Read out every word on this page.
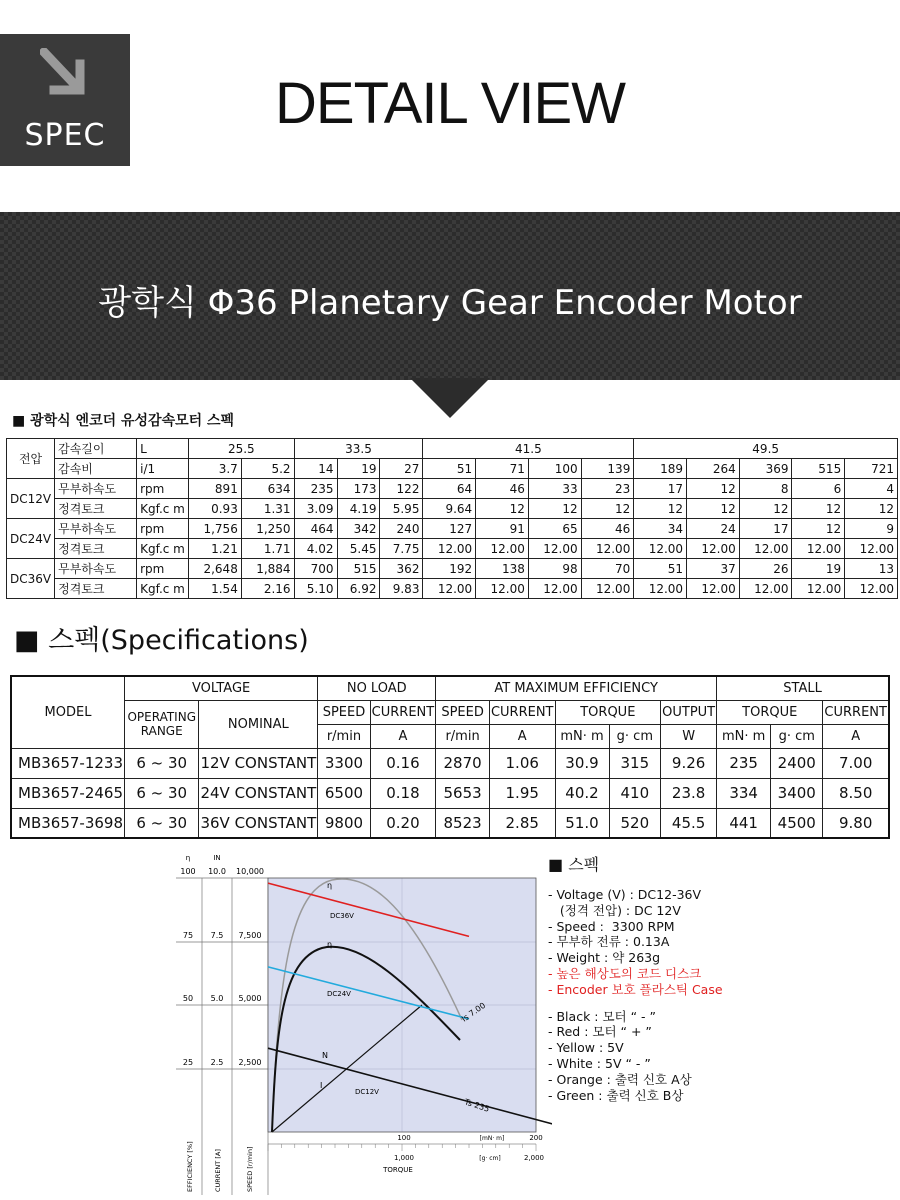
SPEC	DETAIL VIEW
광학식 Φ36 Planetary Gear Encoder Motor
■ 광학식 엔코더 유성감속모터 스펙
전압	감속길이	L	25.5		33.5			41.5				49.5				
	감속비	i/1	3.7	5.2	14	19	27	51	71	100	139	189	264	369	515	721
DC12V	무부하속도	rpm	891	634	235	173	122	64	46	33	23	17	12	8	6	4
	정격토크	Kgf.c m	0.93	1.31	3.09	4.19	5.95	9.64	12	12	12	12	12	12	12	12
DC24V	무부하속도	rpm	1,756	1,250	464	342	240	127	91	65	46	34	24	17	12	9
	정격토크	Kgf.c m	1.21	1.71	4.02	5.45	7.75	12.00	12.00	12.00	12.00	12.00	12.00	12.00	12.00	12.00
DC36V	무부하속도	rpm	2,648	1,884	700	515	362	192	138	98	70	51	37	26	19	13
	정격토크	Kgf.c m	1.54	2.16	5.10	6.92	9.83	12.00	12.00	12.00	12.00	12.00	12.00	12.00	12.00	12.00
■ 스펙(Specifications)
MODEL	VOLTAGE		NO LOAD		AT MAXIMUM EFFICIENCY					STALL		
	OPERATING RANGE	NOMINAL	SPEED	CURRENT	SPEED	CURRENT	TORQUE		OUTPUT	TORQUE		CURRENT
			r/min	A	r/min	A	mN· m	g· cm	W	mN· m	g· cm	A
MB3657-1233	6 ~ 30	12V CONSTANT	3300	0.16	2870	1.06	30.9	315	9.26	235	2400	7.00
MB3657-2465	6 ~ 30	24V CONSTANT	6500	0.18	5653	1.95	40.2	410	23.8	334	3400	8.50
MB3657-3698	6 ~ 30	36V CONSTANT	9800	0.20	8523	2.85	51.0	520	45.5	441	4500	9.80
η	IN
100
75
50
25
10.0
7.5
5.0
2.5
10,000
7,500
5,000
2,500
η
DC36V
η
DC24V
N
I
DC12V
Is 7.00
Ts 235
100	[mN· m]	200
1,000	[g· cm]	2,000
TORQUE
EFFICIENCY [%]	CURRENT [A]	SPEED [r/min]
■ 스펙
- Voltage (V) : DC12-36V
(정격 전압) : DC 12V
- Speed :  3300 RPM
- 무부하 전류 : 0.13A
- Weight : 약 263g
- 높은 해상도의 코드 디스크
- Encoder 보호 플라스틱 Case
- Black : 모터 “ - ”
- Red : 모터 “ + ”
- Yellow : 5V
- White : 5V “ - ”
- Orange : 출력 신호 A상
- Green : 출력 신호 B상
